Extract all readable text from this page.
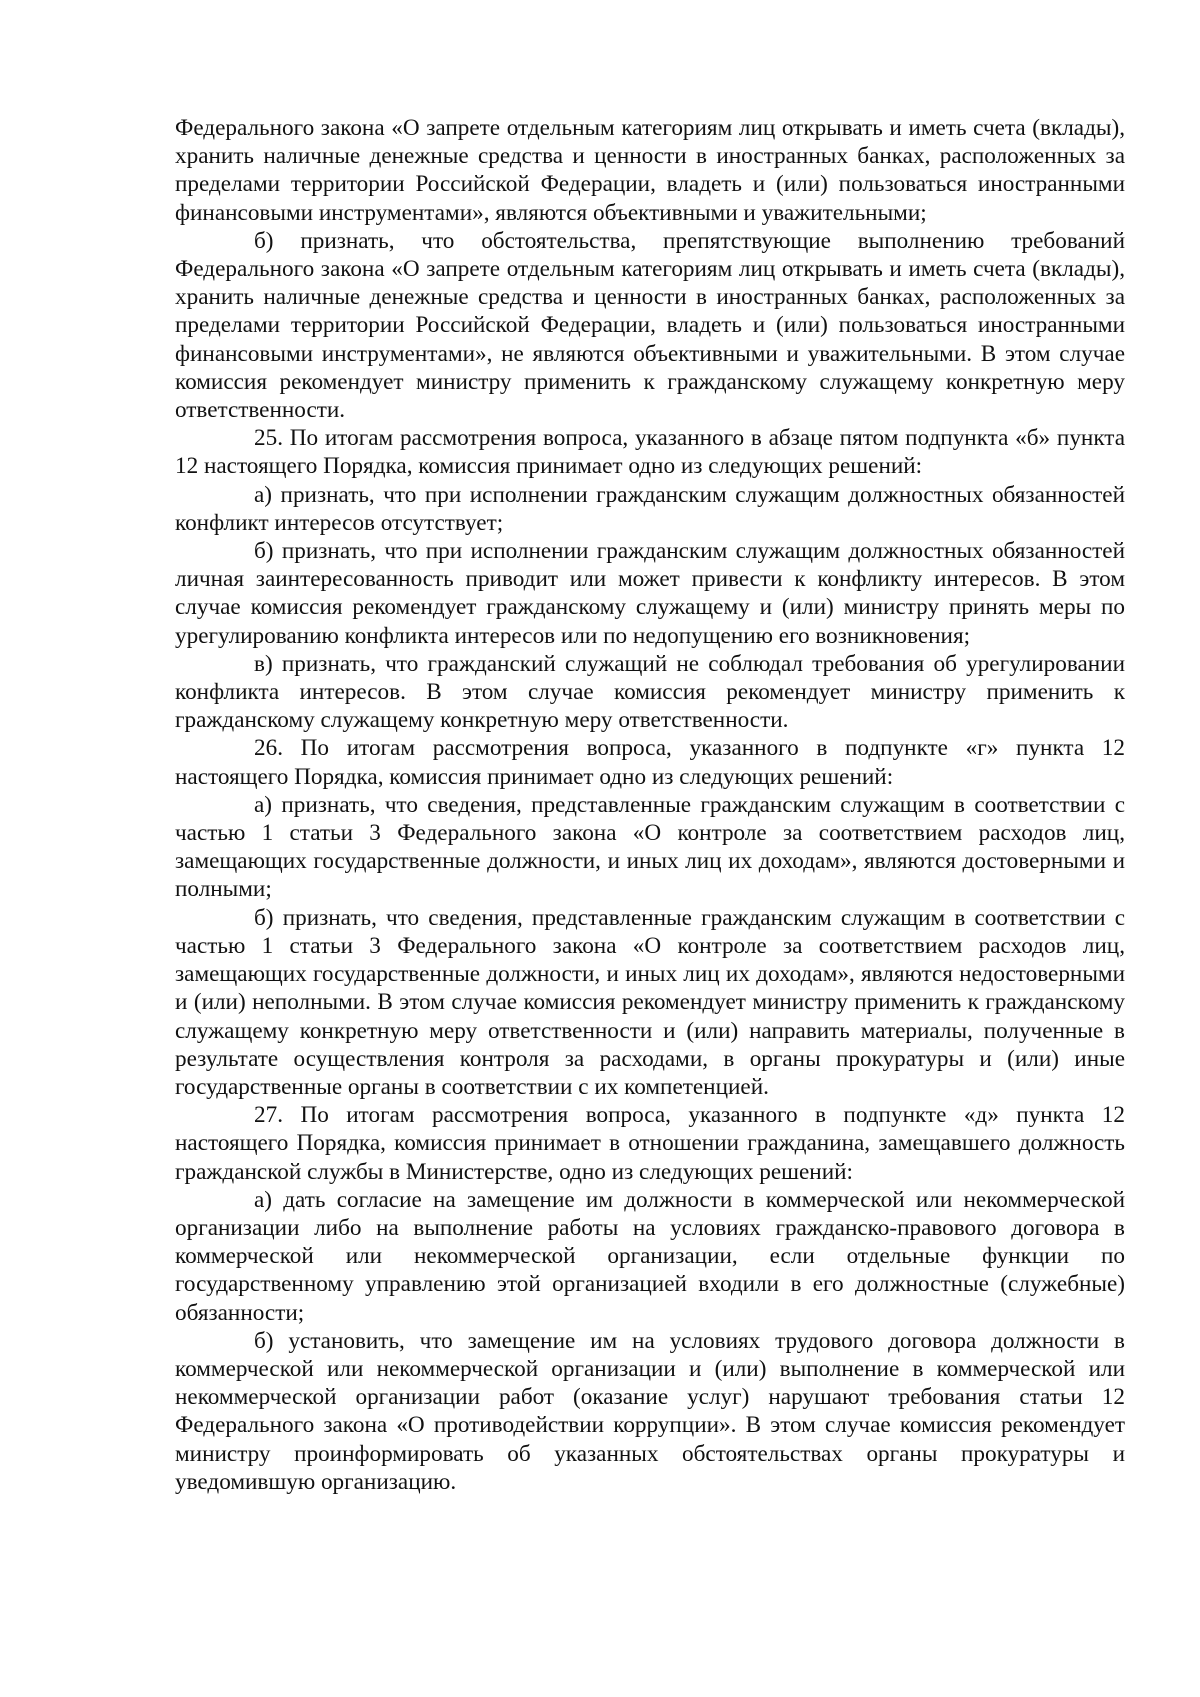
Федерального закона «О запрете отдельным категориям лиц открывать и иметь счета (вклады), хранить наличные денежные средства и ценности в иностранных банках, расположенных за пределами территории Российской Федерации, владеть и (или) пользоваться иностранными финансовыми инструментами», являются объективными и уважительными;

б) признать, что обстоятельства, препятствующие выполнению требований Федерального закона «О запрете отдельным категориям лиц открывать и иметь счета (вклады), хранить наличные денежные средства и ценности в иностранных банках, расположенных за пределами территории Российской Федерации, владеть и (или) пользоваться иностранными финансовыми инструментами», не являются объективными и уважительными. В этом случае комиссия рекомендует министру применить к гражданскому служащему конкретную меру ответственности.

25. По итогам рассмотрения вопроса, указанного в абзаце пятом подпункта «б» пункта 12 настоящего Порядка, комиссия принимает одно из следующих решений:

а) признать, что при исполнении гражданским служащим должностных обязанностей конфликт интересов отсутствует;

б) признать, что при исполнении гражданским служащим должностных обязанностей личная заинтересованность приводит или может привести к конфликту интересов. В этом случае комиссия рекомендует гражданскому служащему и (или) министру принять меры по урегулированию конфликта интересов или по недопущению его возникновения;

в) признать, что гражданский служащий не соблюдал требования об урегулировании конфликта интересов. В этом случае комиссия рекомендует министру применить к гражданскому служащему конкретную меру ответственности.

26. По итогам рассмотрения вопроса, указанного в подпункте «г» пункта 12 настоящего Порядка, комиссия принимает одно из следующих решений:

а) признать, что сведения, представленные гражданским служащим в соответствии с частью 1 статьи 3 Федерального закона «О контроле за соответствием расходов лиц, замещающих государственные должности, и иных лиц их доходам», являются достоверными и полными;

б) признать, что сведения, представленные гражданским служащим в соответствии с частью 1 статьи 3 Федерального закона «О контроле за соответствием расходов лиц, замещающих государственные должности, и иных лиц их доходам», являются недостоверными и (или) неполными. В этом случае комиссия рекомендует министру применить к гражданскому служащему конкретную меру ответственности и (или) направить материалы, полученные в результате осуществления контроля за расходами, в органы прокуратуры и (или) иные государственные органы в соответствии с их компетенцией.

27. По итогам рассмотрения вопроса, указанного в подпункте «д» пункта 12 настоящего Порядка, комиссия принимает в отношении гражданина, замещавшего должность гражданской службы в Министерстве, одно из следующих решений:

а) дать согласие на замещение им должности в коммерческой или некоммерческой организации либо на выполнение работы на условиях гражданско-правового договора в коммерческой или некоммерческой организации, если отдельные функции по государственному управлению этой организацией входили в его должностные (служебные) обязанности;

б) установить, что замещение им на условиях трудового договора должности в коммерческой или некоммерческой организации и (или) выполнение в коммерческой или некоммерческой организации работ (оказание услуг) нарушают требования статьи 12 Федерального закона «О противодействии коррупции». В этом случае комиссия рекомендует министру проинформировать об указанных обстоятельствах органы прокуратуры и уведомившую организацию.
